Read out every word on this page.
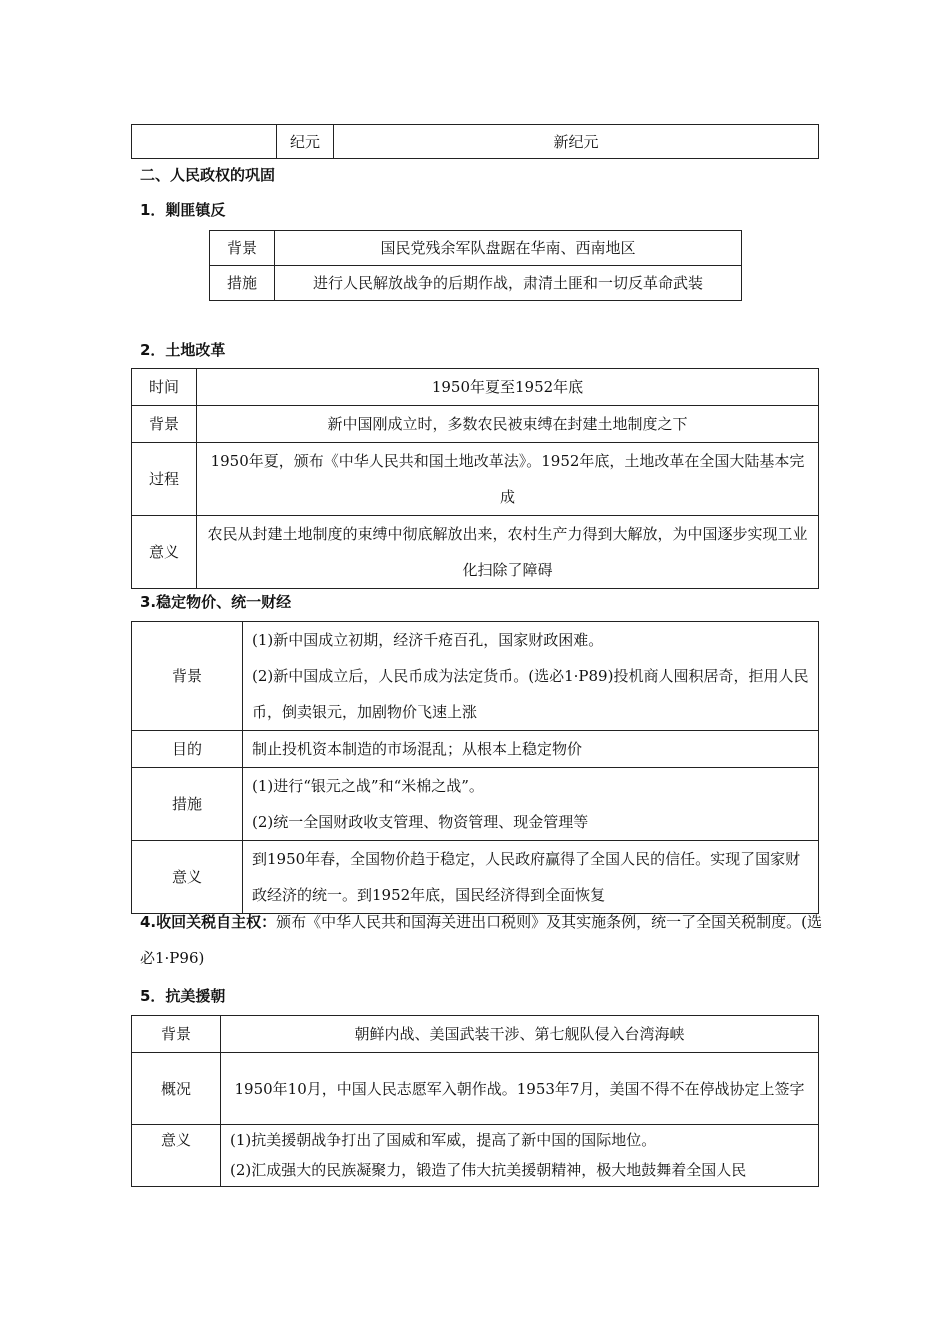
	纪元	新纪元
二、人民政权的巩固
1．剿匪镇反
背景	国民党残余军队盘踞在华南、西南地区
措施	进行人民解放战争的后期作战，肃清土匪和一切反革命武装
2．土地改革
时间	1950年夏至1952年底
背景	新中国刚成立时，多数农民被束缚在封建土地制度之下
过程	1950年夏，颁布《中华人民共和国土地改革法》。1952年底，土地改革在全国大陆基本完成
意义	农民从封建土地制度的束缚中彻底解放出来，农村生产力得到大解放，为中国逐步实现工业化扫除了障碍
3.稳定物价、统一财经
背景	(1)新中国成立初期，经济千疮百孔，国家财政困难。
(2)新中国成立后，人民币成为法定货币。(选必1·P89)投机商人囤积居奇，拒用人民币，倒卖银元，加剧物价飞速上涨

目的	制止投机资本制造的市场混乱；从根本上稳定物价
措施	(1)进行“银元之战”和“米棉之战”。
(2)统一全国财政收支管理、物资管理、现金管理等

意义	到1950年春，全国物价趋于稳定，人民政府赢得了全国人民的信任。实现了国家财政经济的统一。到1952年底，国民经济得到全面恢复
4.收回关税自主权：颁布《中华人民共和国海关进出口税则》及其实施条例，统一了全国关税制度。(选必1·P96)
5．抗美援朝
背景	朝鲜内战、美国武装干涉、第七舰队侵入台湾海峡
概况	1950年10月，中国人民志愿军入朝作战。1953年7月，美国不得不在停战协定上签字
意义	(1)抗美援朝战争打出了国威和军威，提高了新中国的国际地位。
(2)汇成强大的民族凝聚力，锻造了伟大抗美援朝精神，极大地鼓舞着全国人民
